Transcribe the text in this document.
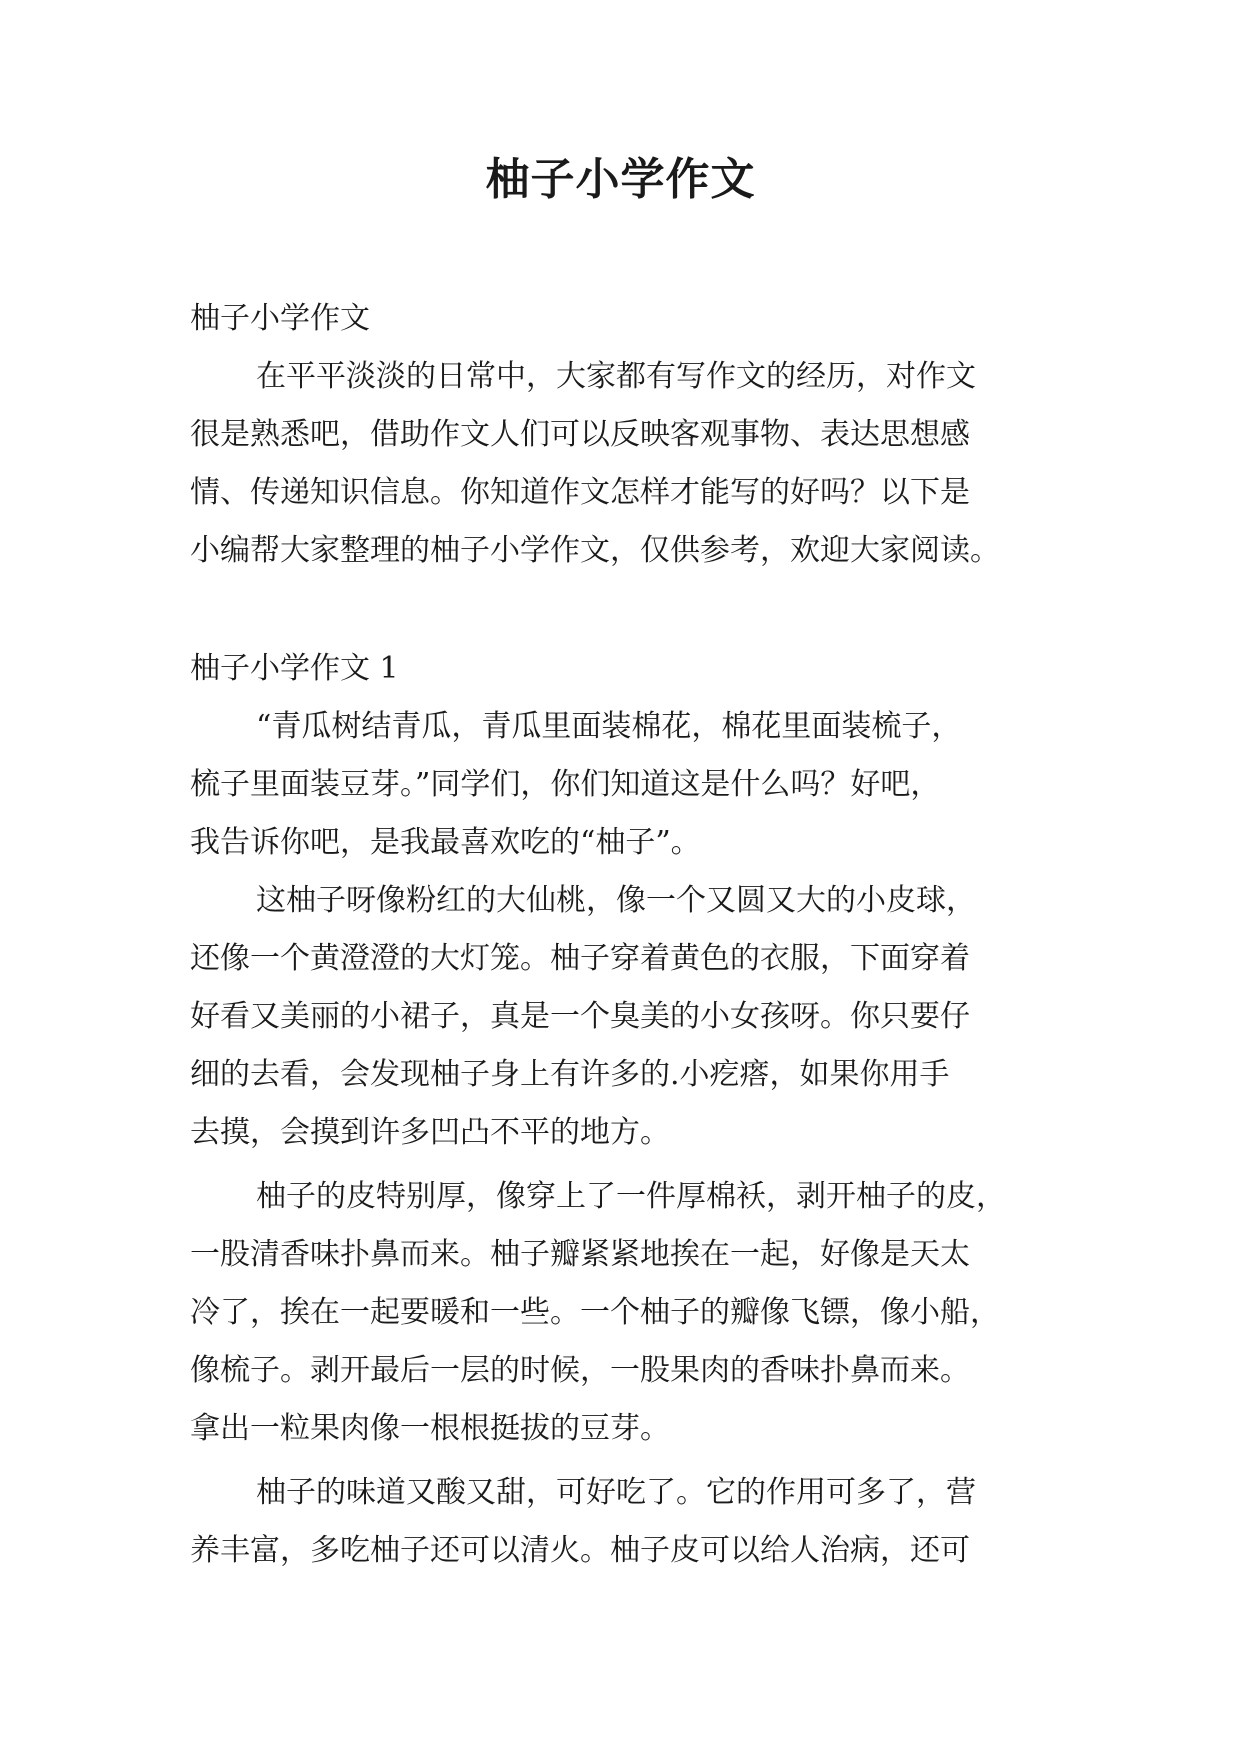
柚子小学作文

柚子小学作文

在平平淡淡的日常中，大家都有写作文的经历，对作文

很是熟悉吧，借助作文人们可以反映客观事物、表达思想感

情、传递知识信息。你知道作文怎样才能写的好吗？以下是

小编帮大家整理的柚子小学作文，仅供参考，欢迎大家阅读。

柚子小学作文 1

“青瓜树结青瓜，青瓜里面装棉花，棉花里面装梳子，

梳子里面装豆芽。”同学们，你们知道这是什么吗？好吧，

我告诉你吧，是我最喜欢吃的“柚子”。

这柚子呀像粉红的大仙桃，像一个又圆又大的小皮球，

还像一个黄澄澄的大灯笼。柚子穿着黄色的衣服，下面穿着

好看又美丽的小裙子，真是一个臭美的小女孩呀。你只要仔

细的去看，会发现柚子身上有许多的.小疙瘩，如果你用手

去摸，会摸到许多凹凸不平的地方。

柚子的皮特别厚，像穿上了一件厚棉袄，剥开柚子的皮，

一股清香味扑鼻而来。柚子瓣紧紧地挨在一起，好像是天太

冷了，挨在一起要暖和一些。一个柚子的瓣像飞镖，像小船，

像梳子。剥开最后一层的时候，一股果肉的香味扑鼻而来。

拿出一粒果肉像一根根挺拔的豆芽。

柚子的味道又酸又甜，可好吃了。它的作用可多了，营

养丰富，多吃柚子还可以清火。柚子皮可以给人治病，还可
